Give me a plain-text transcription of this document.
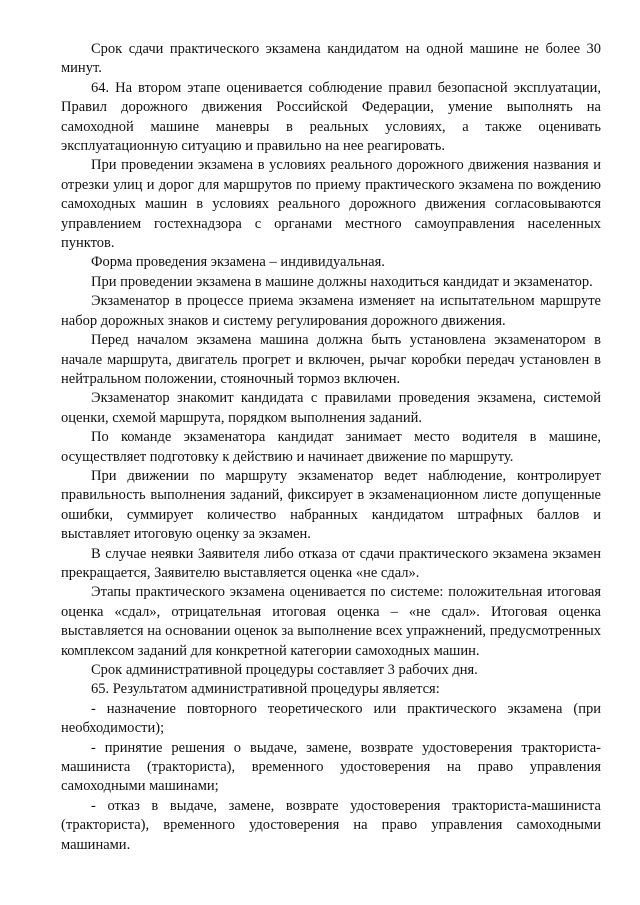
Срок сдачи практического экзамена кандидатом на одной машине не более 30 минут.

64. На втором этапе оценивается соблюдение правил безопасной эксплуатации, Правил дорожного движения Российской Федерации, умение выполнять на самоходной машине маневры в реальных условиях, а также оценивать эксплуатационную ситуацию и правильно на нее реагировать.

При проведении экзамена в условиях реального дорожного движения названия и отрезки улиц и дорог для маршрутов по приему практического экзамена по вождению самоходных машин в условиях реального дорожного движения согласовываются управлением гостехнадзора с органами местного самоуправления населенных пунктов.

Форма проведения экзамена – индивидуальная.

При проведении экзамена в машине должны находиться кандидат и экзаменатор.

Экзаменатор в процессе приема экзамена изменяет на испытательном маршруте набор дорожных знаков и систему регулирования дорожного движения.

Перед началом экзамена машина должна быть установлена экзаменатором в начале маршрута, двигатель прогрет и включен, рычаг коробки передач установлен в нейтральном положении, стояночный тормоз включен.

Экзаменатор знакомит кандидата с правилами проведения экзамена, системой оценки, схемой маршрута, порядком выполнения заданий.

По команде экзаменатора кандидат занимает место водителя в машине, осуществляет подготовку к действию и начинает движение по маршруту.

При движении по маршруту экзаменатор ведет наблюдение, контролирует правильность выполнения заданий, фиксирует в экзаменационном листе допущенные ошибки, суммирует количество набранных кандидатом штрафных баллов и выставляет итоговую оценку за экзамен.

В случае неявки Заявителя либо отказа от сдачи практического экзамена экзамен прекращается, Заявителю выставляется оценка «не сдал».

Этапы практического экзамена оценивается по системе: положительная итоговая оценка «сдал», отрицательная итоговая оценка – «не сдал». Итоговая оценка выставляется на основании оценок за выполнение всех упражнений, предусмотренных комплексом заданий для конкретной категории самоходных машин.

Срок административной процедуры составляет 3 рабочих дня.

65. Результатом административной процедуры является:

- назначение повторного теоретического или практического экзамена (при необходимости);

- принятие решения о выдаче, замене, возврате удостоверения тракториста-машиниста (тракториста), временного удостоверения на право управления самоходными машинами;

- отказ в выдаче, замене, возврате удостоверения тракториста-машиниста (тракториста), временного удостоверения на право управления самоходными машинами.
